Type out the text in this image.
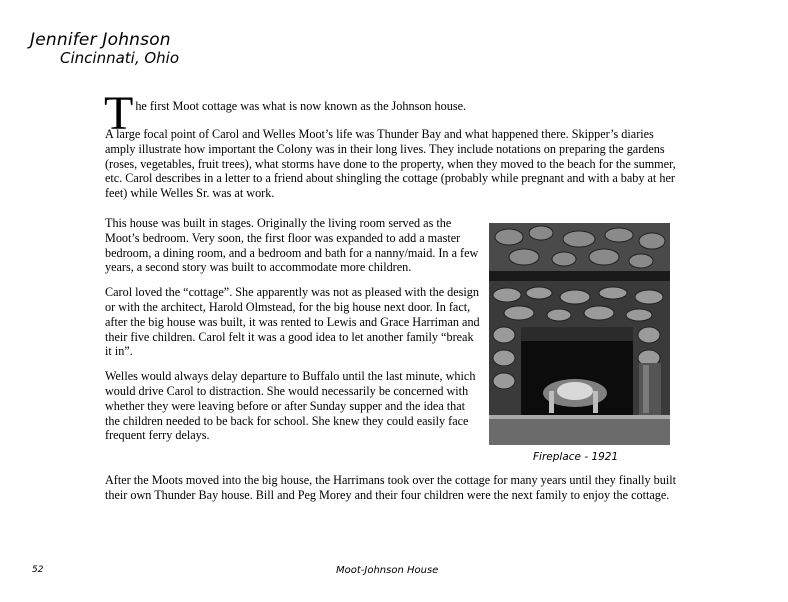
Jennifer Johnson
Cincinnati, Ohio
T he first Moot cottage was what is now known as the Johnson house.

A large focal point of Carol and Welles Moot’s life was Thunder Bay and what happened there. Skipper’s diaries amply illustrate how important the Colony was in their long lives. They include notations on preparing the gardens (roses, vegetables, fruit trees), what storms have done to the property, when they moved to the beach for the summer, etc. Carol describes in a letter to a friend about shingling the cottage (probably while pregnant and with a baby at her feet) while Welles Sr. was at work.

This house was built in stages. Originally the living room served as the Moot’s bedroom. Very soon, the first floor was expanded to add a master bedroom, a dining room, and a bedroom and bath for a nanny/maid. In a few years, a second story was built to accommodate more children.

Carol loved the “cottage”. She apparently was not as pleased with the design or with the architect, Harold Olmstead, for the big house next door. In fact, after the big house was built, it was rented to Lewis and Grace Harriman and their five children. Carol felt it was a good idea to let another family “break it in”.

Welles would always delay departure to Buffalo until the last minute, which would drive Carol to distraction. She would necessarily be concerned with whether they were leaving before or after Sunday supper and the idea that the children needed to be back for school. She knew they could easily face frequent ferry delays.

Fireplace - 1921

After the Moots moved into the big house, the Harrimans took over the cottage for many years until they finally built their own Thunder Bay house. Bill and Peg Morey and their four children were the next family to enjoy the cottage.

52	Moot-Johnson House
